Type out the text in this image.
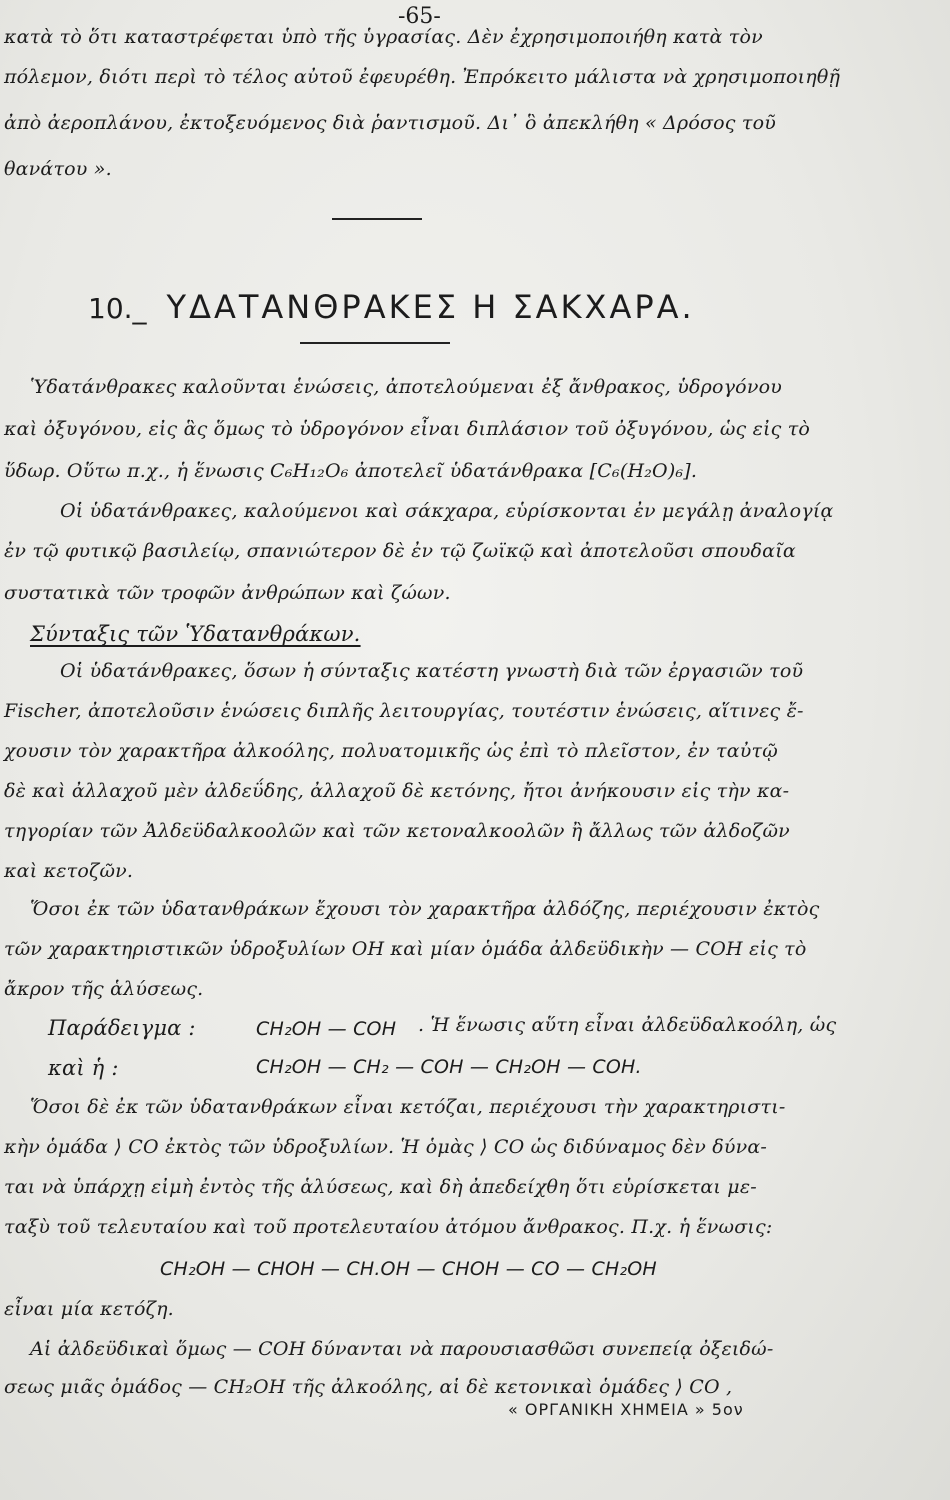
-65-
κατὰ τὸ ὅτι καταστρέφεται ὑπὸ τῆς ὑγρασίας. Δὲν ἐχρησιμοποιήθη κατὰ τὸν
πόλεμον, διότι περὶ τὸ τέλος αὐτοῦ ἐφευρέθη. Ἐπρόκειτο μάλιστα νὰ χρησιμοποιηθῇ
ἀπὸ ἀεροπλάνου, ἐκτοξευόμενος διὰ ῥαντισμοῦ. Δι᾽ ὃ ἀπεκλήθη « Δρόσος τοῦ
θανάτου ».
10._ ΥΔΑΤΑΝΘΡΑΚΕΣ Η ΣΑΚΧΑΡΑ.
Ὑδατάνθρακες καλοῦνται ἑνώσεις, ἀποτελούμεναι ἐξ ἄνθρακος, ὑδρογόνου
καὶ ὀξυγόνου, εἰς ἃς ὅμως τὸ ὑδρογόνον εἶναι διπλάσιον τοῦ ὀξυγόνου, ὡς εἰς τὸ
ὕδωρ. Οὕτω π.χ., ἡ ἕνωσις C₆H₁₂O₆ ἀποτελεῖ ὑδατάνθρακα [C₆(H₂O)₆].
Οἱ ὑδατάνθρακες, καλούμενοι καὶ σάκχαρα, εὑρίσκονται ἐν μεγάλῃ ἀναλογίᾳ
ἐν τῷ φυτικῷ βασιλείῳ, σπανιώτερον δὲ ἐν τῷ ζωϊκῷ καὶ ἀποτελοῦσι σπουδαῖα
συστατικὰ τῶν τροφῶν ἀνθρώπων καὶ ζώων.
Σύνταξις τῶν Ὑδατανθράκων.
Οἱ ὑδατάνθρακες, ὅσων ἡ σύνταξις κατέστη γνωστὴ διὰ τῶν ἐργασιῶν τοῦ
Fischer, ἀποτελοῦσιν ἑνώσεις διπλῆς λειτουργίας, τουτέστιν ἑνώσεις, αἵτινες ἔ-
χουσιν τὸν χαρακτῆρα ἀλκοόλης, πολυατομικῆς ὡς ἐπὶ τὸ πλεῖστον, ἐν ταὐτῷ
δὲ καὶ ἀλλαχοῦ μὲν ἀλδεΰδης, ἀλλαχοῦ δὲ κετόνης, ἤτοι ἀνήκουσιν εἰς τὴν κα-
τηγορίαν τῶν Ἀλδεϋδαλκοολῶν καὶ τῶν κετοναλκοολῶν ἢ ἄλλως τῶν ἀλδοζῶν
καὶ κετοζῶν.
Ὅσοι ἐκ τῶν ὑδατανθράκων ἔχουσι τὸν χαρακτῆρα ἀλδόζης, περιέχουσιν ἐκτὸς
τῶν χαρακτηριστικῶν ὑδροξυλίων OH καὶ μίαν ὁμάδα ἀλδεϋδικὴν — COH εἰς τὸ
ἄκρον τῆς ἁλύσεως.
Παράδειγμα :	CH₂OH — COH . Ἡ ἕνωσις αὕτη εἶναι ἀλδεϋδαλκοόλη, ὡς
καὶ ἡ :	CH₂OH — CH₂ — COH — CH₂OH — COH.
Ὅσοι δὲ ἐκ τῶν ὑδατανθράκων εἶναι κετόζαι, περιέχουσι τὴν χαρακτηριστι-
κὴν ὁμάδα ⟩ CO ἐκτὸς τῶν ὑδροξυλίων. Ἡ ὁμὰς ⟩ CO ὡς διδύναμος δὲν δύνα-
ται νὰ ὑπάρχῃ εἰμὴ ἐντὸς τῆς ἁλύσεως, καὶ δὴ ἀπεδείχθη ὅτι εὑρίσκεται με-
ταξὺ τοῦ τελευταίου καὶ τοῦ προτελευταίου ἀτόμου ἄνθρακος. Π.χ. ἡ ἕνωσις:
CH₂OH — CHOH — CH.OH — CHOH — CO — CH₂OH
εἶναι μία κετόζη.
Αἱ ἀλδεϋδικαὶ ὅμως — COH δύνανται νὰ παρουσιασθῶσι συνεπείᾳ ὀξειδώ-
σεως μιᾶς ὁμάδος — CH₂OH τῆς ἀλκοόλης, αἱ δὲ κετονικαὶ ὁμάδες ⟩ CO ,
« ΟΡΓΑΝΙΚΗ ΧΗΜΕΙΑ » 5ον
